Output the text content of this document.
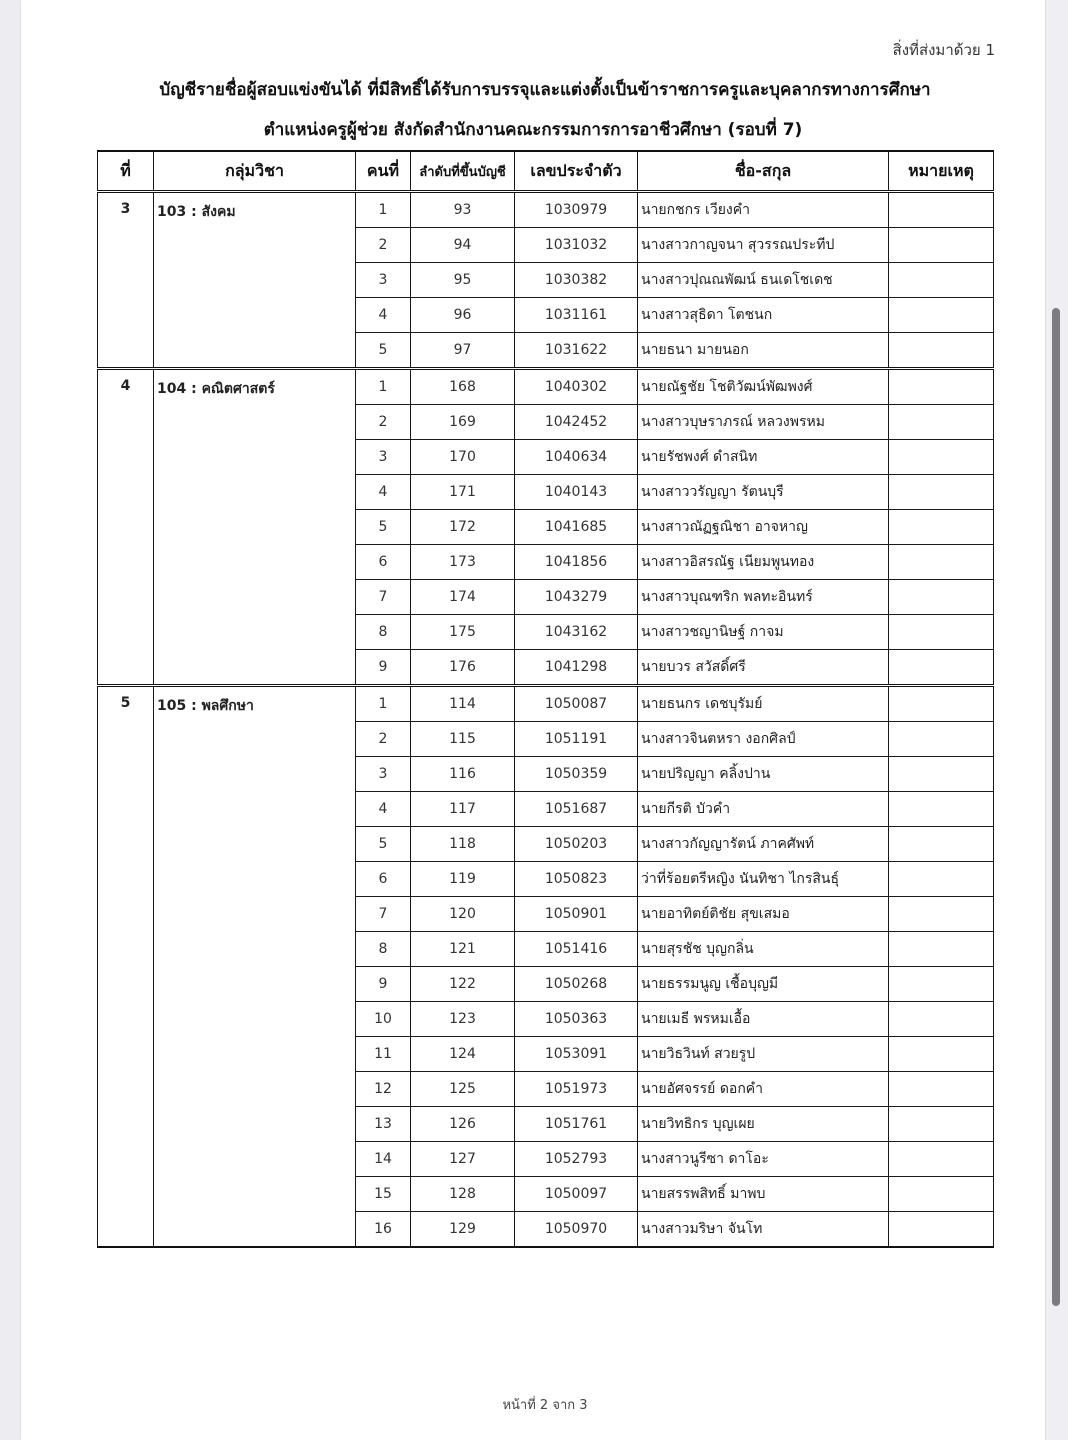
สิ่งที่ส่งมาด้วย 1
บัญชีรายชื่อผู้สอบแข่งขันได้ ที่มีสิทธิ์ได้รับการบรรจุและแต่งตั้งเป็นข้าราชการครูและบุคลากรทางการศึกษา
ตำแหน่งครูผู้ช่วย สังกัดสำนักงานคณะกรรมการการอาชีวศึกษา (รอบที่ 7)
ที่	กลุ่มวิชา	คนที่	ลำดับที่ขึ้นบัญชี	เลขประจำตัว	ชื่อ-สกุล	หมายเหตุ
3	103 : สังคม	1	93	1030979	นายกชกร เวียงคำ	
		2	94	1031032	นางสาวกาญจนา สุวรรณประทีป	
		3	95	1030382	นางสาวปุณณพัฒน์ ธนเดโชเดช	
		4	96	1031161	นางสาวสุธิดา โตชนก	
		5	97	1031622	นายธนา มายนอก	
4	104 : คณิตศาสตร์	1	168	1040302	นายณัฐชัย โชติวัฒน์พัฒพงศ์	
		2	169	1042452	นางสาวบุษราภรณ์ หลวงพรหม	
		3	170	1040634	นายรัชพงศ์ ดำสนิท	
		4	171	1040143	นางสาววรัญญา รัตนบุรี	
		5	172	1041685	นางสาวณัฏฐณิชา อาจหาญ	
		6	173	1041856	นางสาวอิสรณัฐ เนียมพูนทอง	
		7	174	1043279	นางสาวบุณฑริก พลทะอินทร์	
		8	175	1043162	นางสาวชญานิษฐ์ กาจม	
		9	176	1041298	นายบวร สวัสดิ์ศรี	
5	105 : พลศึกษา	1	114	1050087	นายธนกร เดชบุรัมย์	
		2	115	1051191	นางสาวจินตหรา งอกศิลป์	
		3	116	1050359	นายปริญญา คลิ้งปาน	
		4	117	1051687	นายกีรติ บัวคำ	
		5	118	1050203	นางสาวกัญญารัตน์ ภาคศัพท์	
		6	119	1050823	ว่าที่ร้อยตรีหญิง นันทิชา ไกรสินธุ์	
		7	120	1050901	นายอาทิตย์ติชัย สุขเสมอ	
		8	121	1051416	นายสุรชัช บุญกลิ่น	
		9	122	1050268	นายธรรมนูญ เชื้อบุญมี	
		10	123	1050363	นายเมธี พรหมเอื้อ	
		11	124	1053091	นายวิธวินท์ สวยรูป	
		12	125	1051973	นายอัศจรรย์ ดอกคำ	
		13	126	1051761	นายวิทธิกร บุญเผย	
		14	127	1052793	นางสาวนูรีซา ดาโอะ	
		15	128	1050097	นายสรรพสิทธิ์ มาพบ	
		16	129	1050970	นางสาวมริษา จันโท	
หน้าที่ 2 จาก 3
